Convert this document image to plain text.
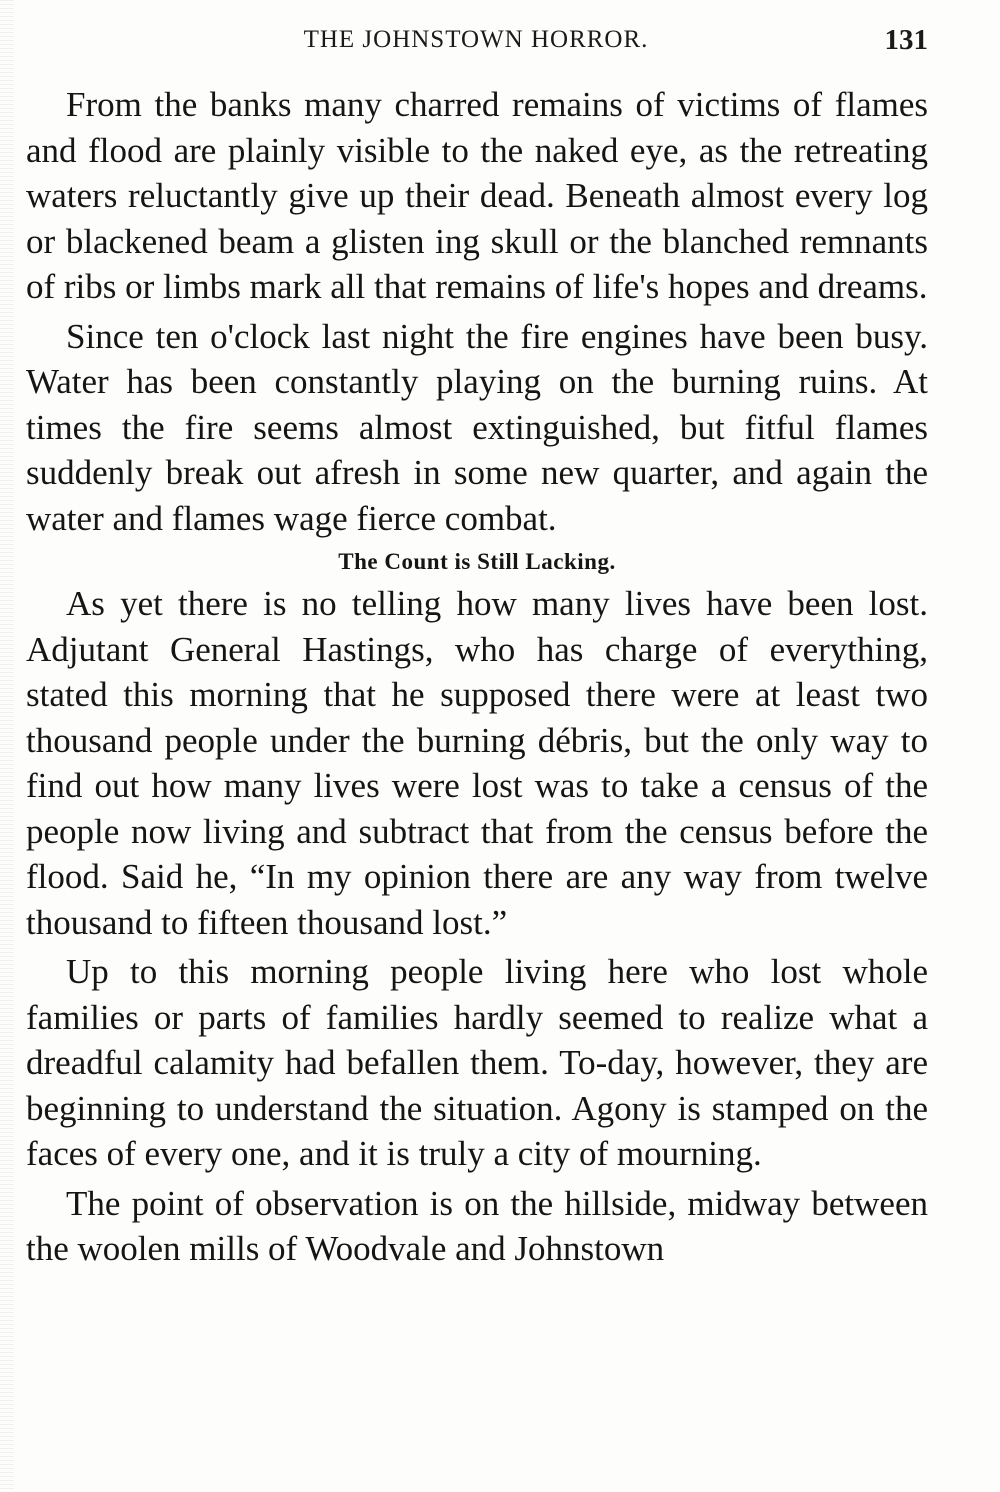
THE JOHNSTOWN HORROR.	131

From the banks many charred remains of victims of flames and flood are plainly visible to the naked eye, as the retreating waters reluctantly give up their dead. Beneath almost every log or blackened beam a glisten ing skull or the blanched remnants of ribs or limbs mark all that remains of life's hopes and dreams.

Since ten o'clock last night the fire engines have been busy. Water has been constantly playing on the burning ruins. At times the fire seems almost extinguished, but fitful flames suddenly break out afresh in some new quarter, and again the water and flames wage fierce combat.

The Count is Still Lacking.

As yet there is no telling how many lives have been lost. Adjutant General Hastings, who has charge of everything, stated this morning that he supposed there were at least two thousand people under the burning débris, but the only way to find out how many lives were lost was to take a census of the people now living and subtract that from the census before the flood. Said he, “In my opinion there are any way from twelve thousand to fifteen thousand lost.”

Up to this morning people living here who lost whole families or parts of families hardly seemed to realize what a dreadful calamity had befallen them. To-day, however, they are beginning to understand the situation. Agony is stamped on the faces of every one, and it is truly a city of mourning.

The point of observation is on the hillside, midway between the woolen mills of Woodvale and Johnstown
